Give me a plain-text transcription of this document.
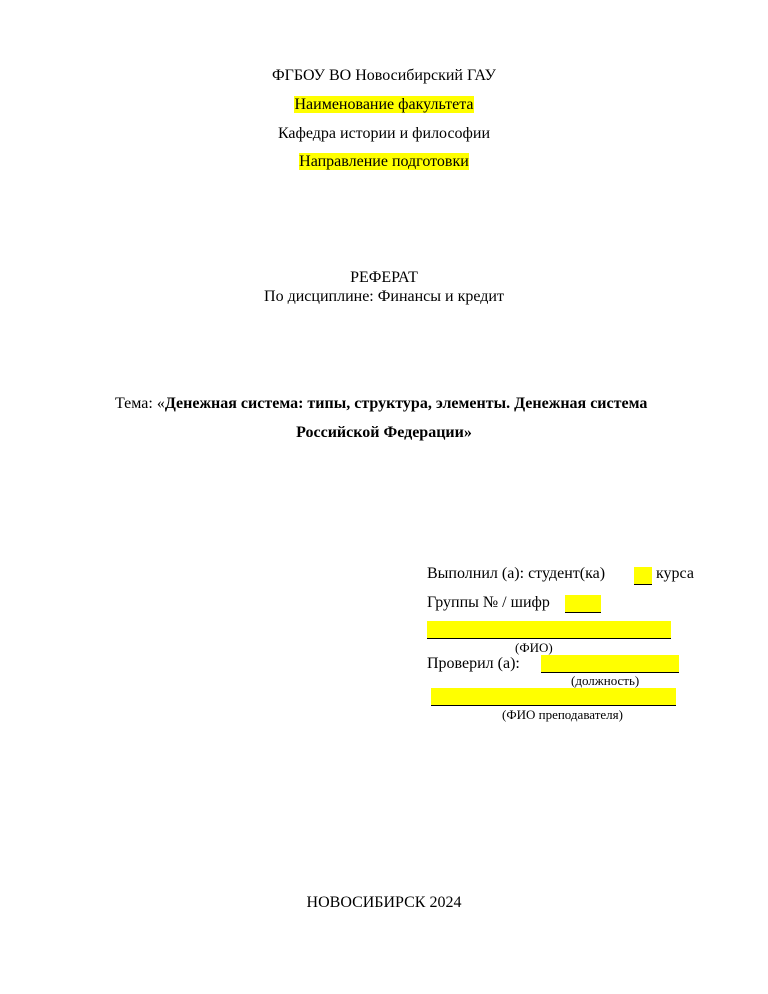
ФГБОУ ВО Новосибирский ГАУ
Наименование факультета
Кафедра истории и философии
Направление подготовки
РЕФЕРАТ
По дисциплине: Финансы и кредит
Тема: «Денежная система: типы, структура, элементы. Денежная система
Российской Федерации»
Выполнил (а): студент(ка)	курса
Группы № / шифр
(ФИО)
Проверил (а):
(должность)
(ФИО преподавателя)
НОВОСИБИРСК 2024
